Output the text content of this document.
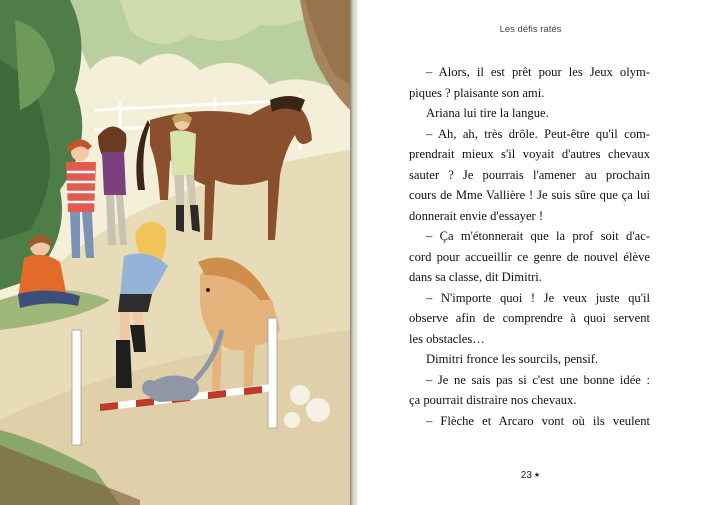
Les défis ratés
– Alors, il est prêt pour les Jeux olym-
piques ? plaisante son ami.
Ariana lui tire la langue.
– Ah, ah, très drôle. Peut-être qu'il com-
prendrait mieux s'il voyait d'autres chevaux
sauter ? Je pourrais l'amener au prochain
cours de Mme Vallière ! Je suis sûre que ça lui
donnerait envie d'essayer !
– Ça m'étonnerait que la prof soit d'ac-
cord pour accueillir ce genre de nouvel élève
dans sa classe, dit Dimitri.
– N'importe quoi ! Je veux juste qu'il
observe afin de comprendre à quoi servent
les obstacles…
Dimitri fronce les sourcils, pensif.
– Je ne sais pas si c'est une bonne idée :
ça pourrait distraire nos chevaux.
– Flèche et Arcaro vont où ils veulent
23 ★
